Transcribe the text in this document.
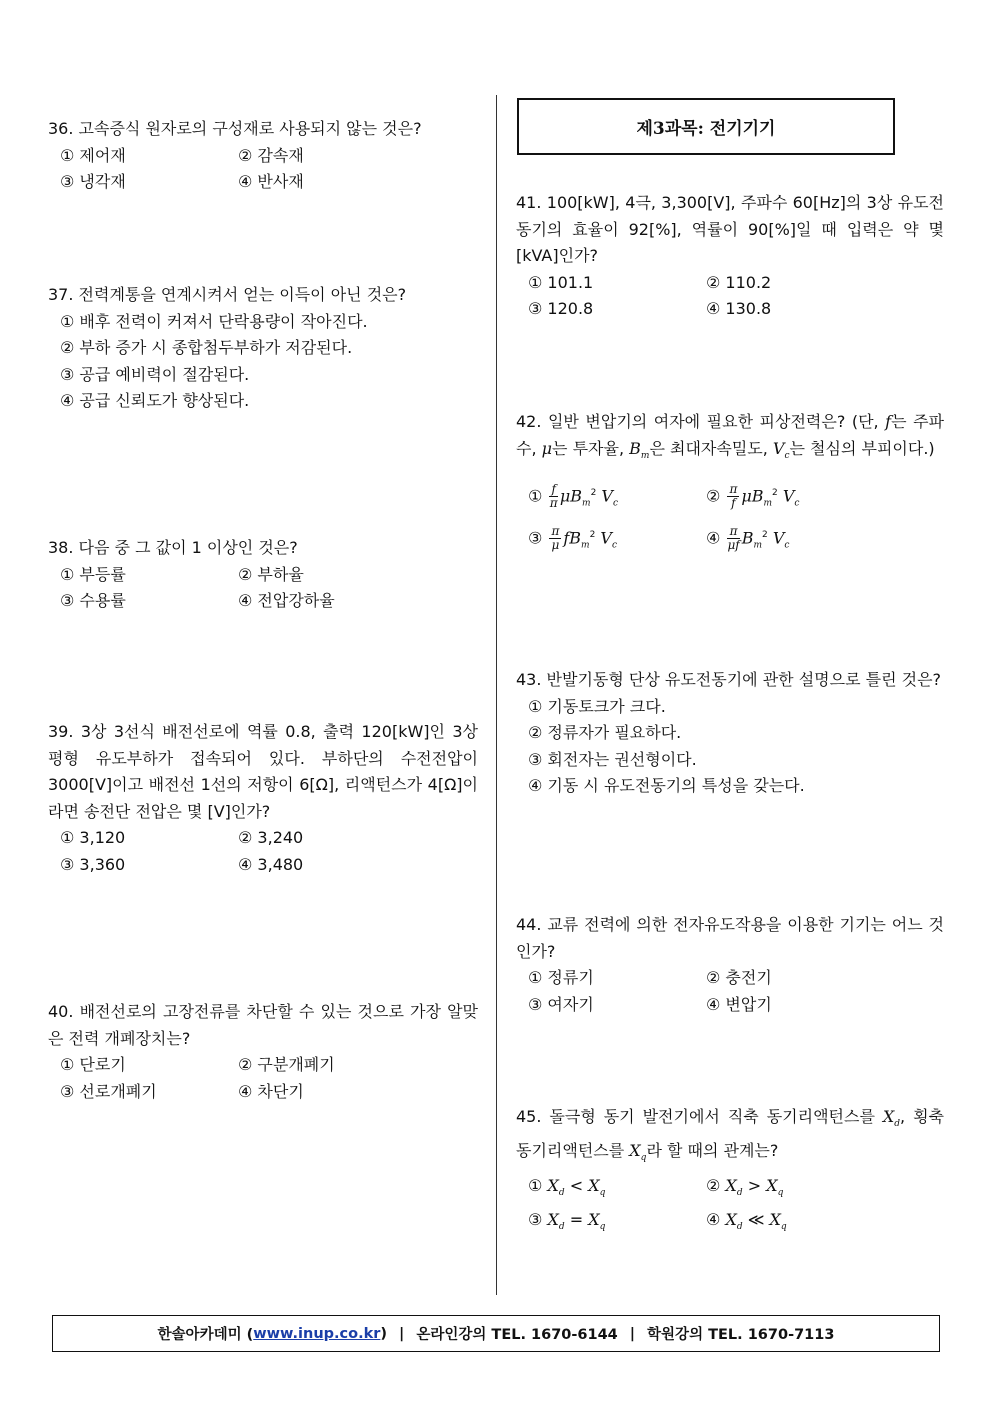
36. 고속증식 원자로의 구성재로 사용되지 않는 것은?
① 제어재	② 감속재
③ 냉각재	④ 반사재
37. 전력계통을 연계시켜서 얻는 이득이 아닌 것은?
① 배후 전력이 커져서 단락용량이 작아진다.
② 부하 증가 시 종합첨두부하가 저감된다.
③ 공급 예비력이 절감된다.
④ 공급 신뢰도가 향상된다.
38. 다음 중 그 값이 1 이상인 것은?
① 부등률	② 부하율
③ 수용률	④ 전압강하율
39. 3상 3선식 배전선로에 역률 0.8, 출력 120[kW]인 3상 평형 유도부하가 접속되어 있다. 부하단의 수전전압이 3000[V]이고 배전선 1선의 저항이 6[Ω], 리액턴스가 4[Ω]이라면 송전단 전압은 몇 [V]인가?
① 3,120	② 3,240
③ 3,360	④ 3,480
40. 배전선로의 고장전류를 차단할 수 있는 것으로 가장 알맞은 전력 개폐장치는?
① 단로기	② 구분개폐기
③ 선로개폐기	④ 차단기
제3과목: 전기기기
41. 100[kW], 4극, 3,300[V], 주파수 60[Hz]의 3상 유도전동기의 효율이 92[%], 역률이 90[%]일 때 입력은 약 몇 [kVA]인가?
① 101.1	② 110.2
③ 120.8	④ 130.8
42. 일반 변압기의 여자에 필요한 피상전력은? (단, f는 주파수, μ는 투자율, $B_m$은 최대자속밀도, $V_c$는 철심의 부피이다.)
① $\frac{f}{\pi} \mu B_m^2$ $V_c$	② $\frac{\pi}{f} \mu B_m^2$ $V_c$
③ $\frac{\pi}{\mu} fB_m^2$ $V_c$	④ $\frac{\pi}{\mu f} B_m^2$ $V_c$
43. 반발기동형 단상 유도전동기에 관한 설명으로 틀린 것은?
① 기동토크가 크다.
② 정류자가 필요하다.
③ 회전자는 권선형이다.
④ 기동 시 유도전동기의 특성을 갖는다.
44. 교류 전력에 의한 전자유도작용을 이용한 기기는 어느 것인가?
① 정류기	② 충전기
③ 여자기	④ 변압기
45. 돌극형 동기 발전기에서 직축 동기리액턴스를 $X_d$, 횡축 동기리액턴스를 $X_q$라 할 때의 관계는?
① $X_d < X_q$	② $X_d > X_q$
③ $X_d = X_q$	④ $X_d$ ≪ $X_q$
한솔아카데미 ( www.inup.co.kr ) | 온라인강의 TEL. 1670-6144 | 학원강의 TEL. 1670-7113
